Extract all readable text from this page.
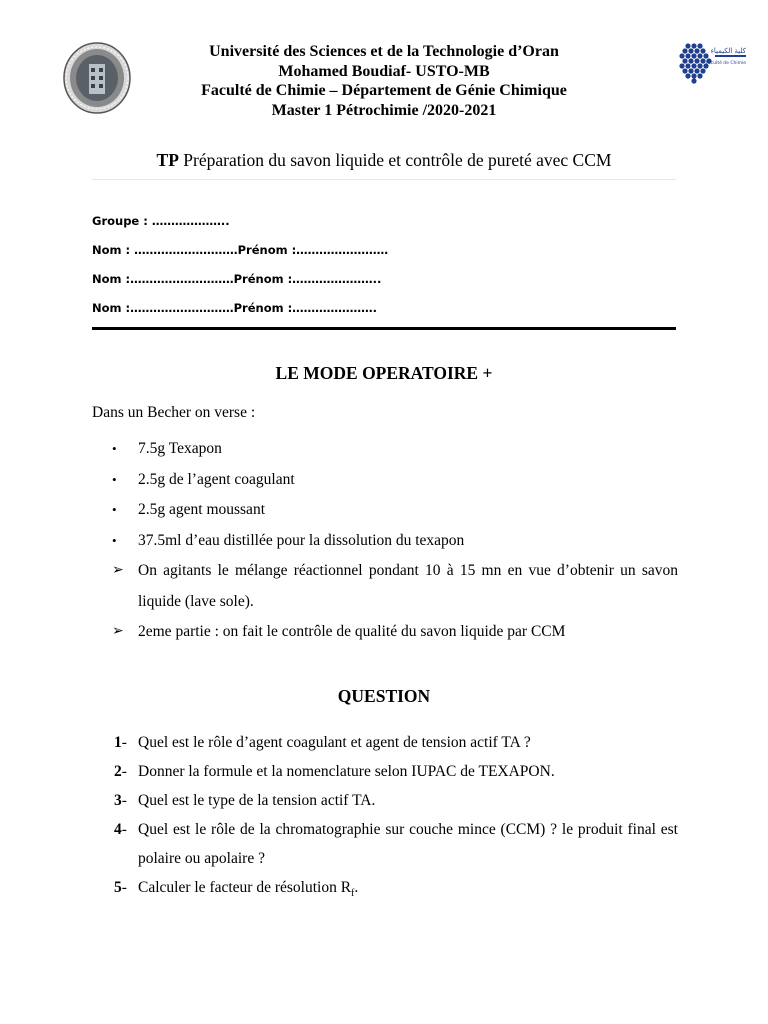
كلية الكيمياء
Faculté de Chimie
Université des Sciences et de la Technologie d’Oran
Mohamed Boudiaf- USTO-MB
Faculté de Chimie – Département de Génie Chimique
Master 1 Pétrochimie /2020-2021
TP Préparation du savon liquide et contrôle de pureté avec CCM
Groupe : ………………..
Nom : ………………………Prénom :……………………
Nom :………………………Prénom :…………………..
Nom :………………………Prénom :………………….
LE MODE OPERATOIRE +
Dans un Becher on verse :
• 7.5g Texapon
• 2.5g de l’agent coagulant
• 2.5g agent moussant
• 37.5ml d’eau distillée pour la dissolution du texapon
➢ On agitants le mélange réactionnel pondant 10 à 15 mn en vue d’obtenir un savon liquide (lave sole).
➢ 2eme partie : on fait le contrôle de qualité du savon liquide par CCM
QUESTION
1- Quel est le rôle d’agent coagulant et agent de tension actif TA ?
2- Donner la formule et la nomenclature selon IUPAC de TEXAPON.
3- Quel est le type de la tension actif TA.
4- Quel est le rôle de la chromatographie sur couche mince (CCM) ? le produit final est polaire ou apolaire ?
5- Calculer le facteur de résolution $R_f$.
